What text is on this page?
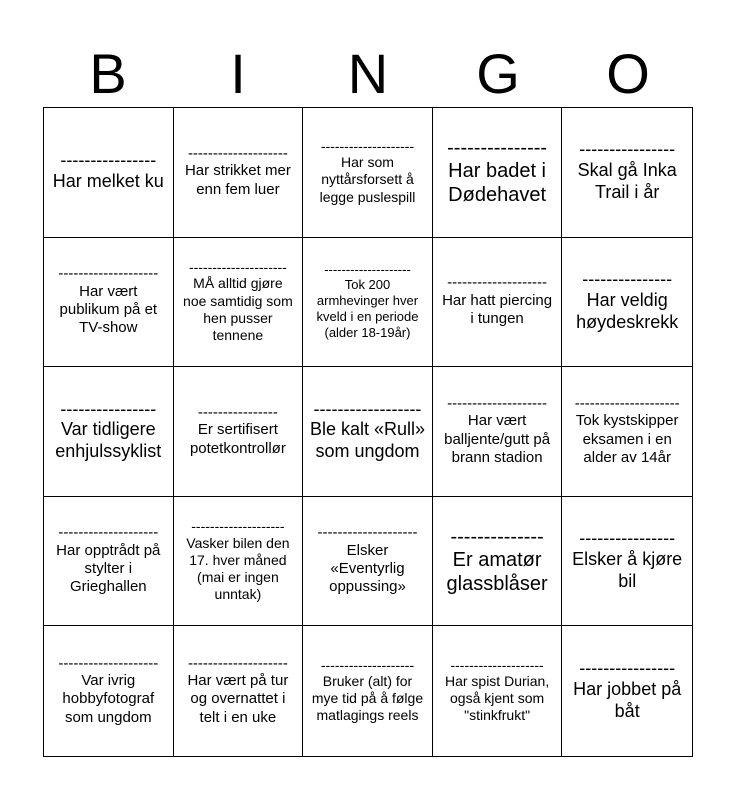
B	I	N	G	O
----------------
Har melket ku
--------------------
Har strikket mer enn fem luer
--------------------
Har som nyttårsforsett å legge puslespill
---------------
Har badet i Dødehavet
----------------
Skal gå Inka Trail i år
--------------------
Har vært publikum på et TV-show
---------------------
MÅ alltid gjøre noe samtidig som hen pusser tennene
--------------------
Tok 200 armhevinger hver kveld i en periode (alder 18-19år)
--------------------
Har hatt piercing i tungen
---------------
Har veldig høydeskrekk
----------------
Var tidligere enhjulssyklist
----------------
Er sertifisert potetkontrollør
------------------
Ble kalt «Rull» som ungdom
--------------------
Har vært balljente/gutt på brann stadion
---------------------
Tok kystskipper eksamen i en alder av 14år
--------------------
Har opptrådt på stylter i Grieghallen
--------------------
Vasker bilen den 17. hver måned (mai er ingen unntak)
--------------------
Elsker «Eventyrlig oppussing»
--------------
Er amatør glassblåser
----------------
Elsker å kjøre bil
--------------------
Var ivrig hobbyfotograf som ungdom
--------------------
Har vært på tur og overnattet i telt i en uke
--------------------
Bruker (alt) for mye tid på å følge matlagings reels
--------------------
Har spist Durian, også kjent som "stinkfrukt"
----------------
Har jobbet på båt
